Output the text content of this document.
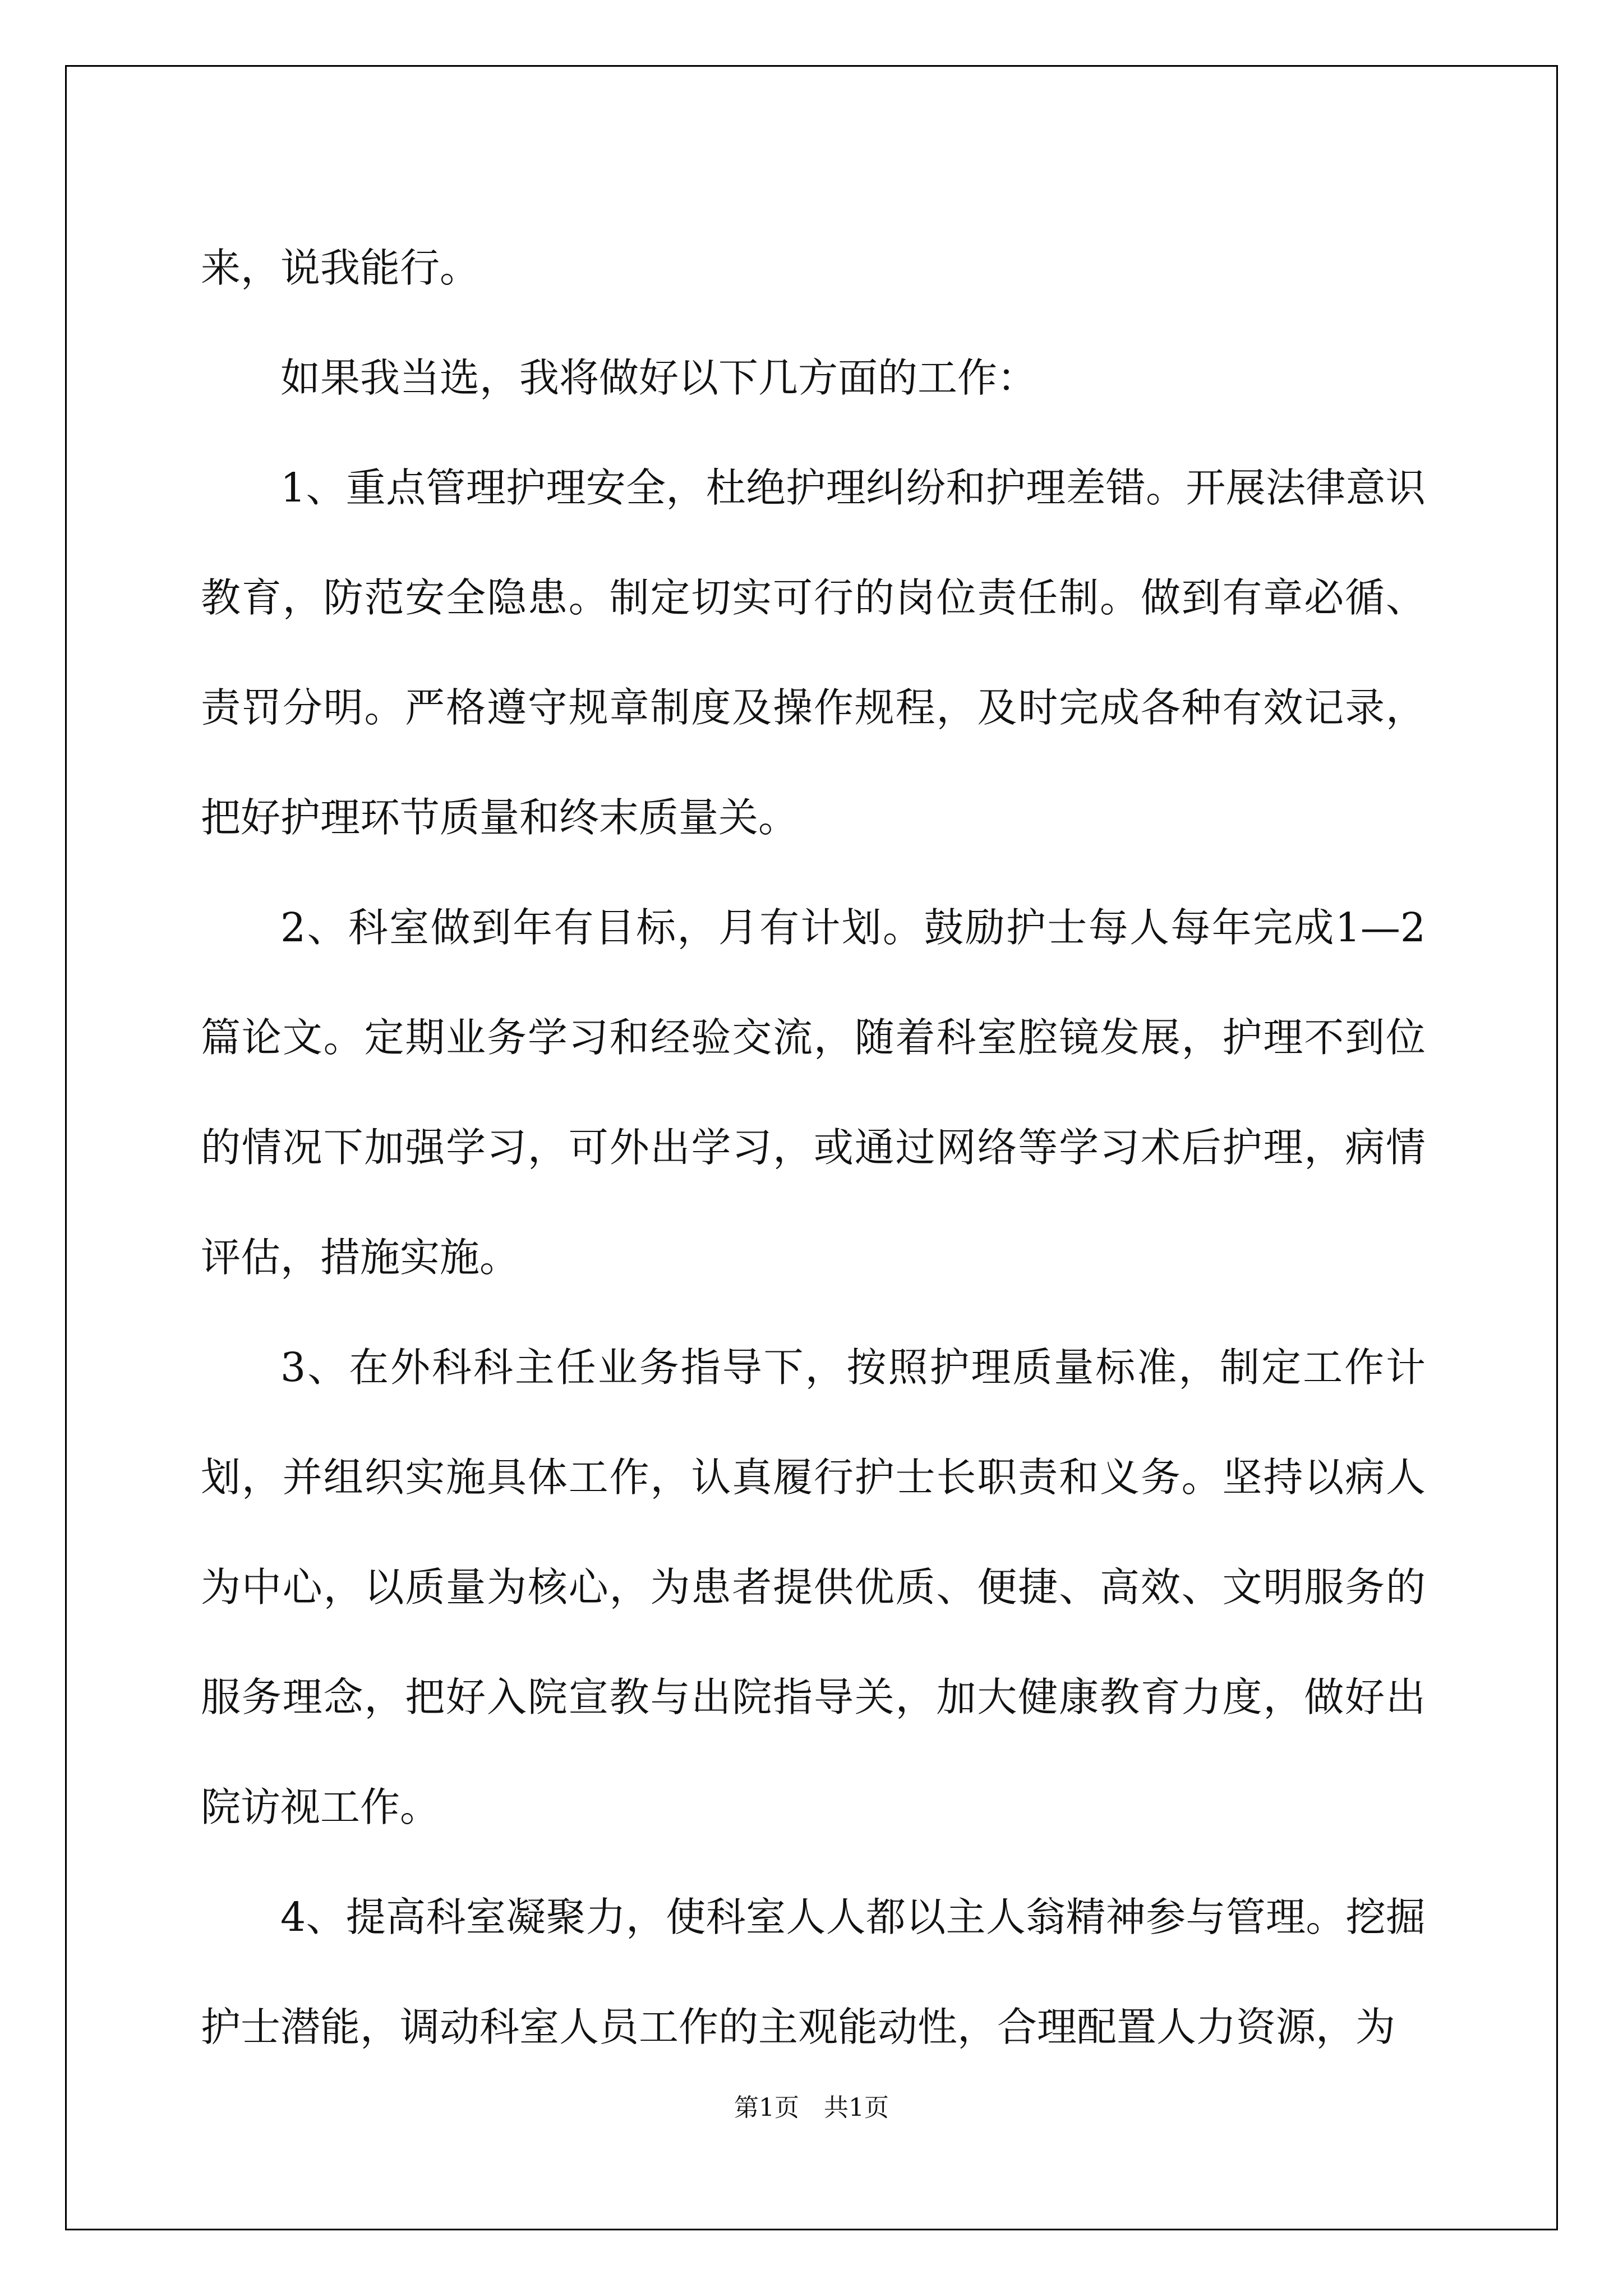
来，说我能行。

如果我当选，我将做好以下几方面的工作：

1、重点管理护理安全，杜绝护理纠纷和护理差错。开展法律意识教育，防范安全隐患。制定切实可行的岗位责任制。做到有章必循、责罚分明。严格遵守规章制度及操作规程，及时完成各种有效记录，把好护理环节质量和终末质量关。

2、科室做到年有目标，月有计划。鼓励护士每人每年完成1—2篇论文。定期业务学习和经验交流，随着科室腔镜发展，护理不到位的情况下加强学习，可外出学习，或通过网络等学习术后护理，病情评估，措施实施。

3、在外科科主任业务指导下，按照护理质量标准，制定工作计划，并组织实施具体工作，认真履行护士长职责和义务。坚持以病人为中心，以质量为核心，为患者提供优质、便捷、高效、文明服务的服务理念，把好入院宣教与出院指导关，加大健康教育力度，做好出院访视工作。

4、提高科室凝聚力，使科室人人都以主人翁精神参与管理。挖掘护士潜能，调动科室人员工作的主观能动性，合理配置人力资源，为

第1页 共1页
